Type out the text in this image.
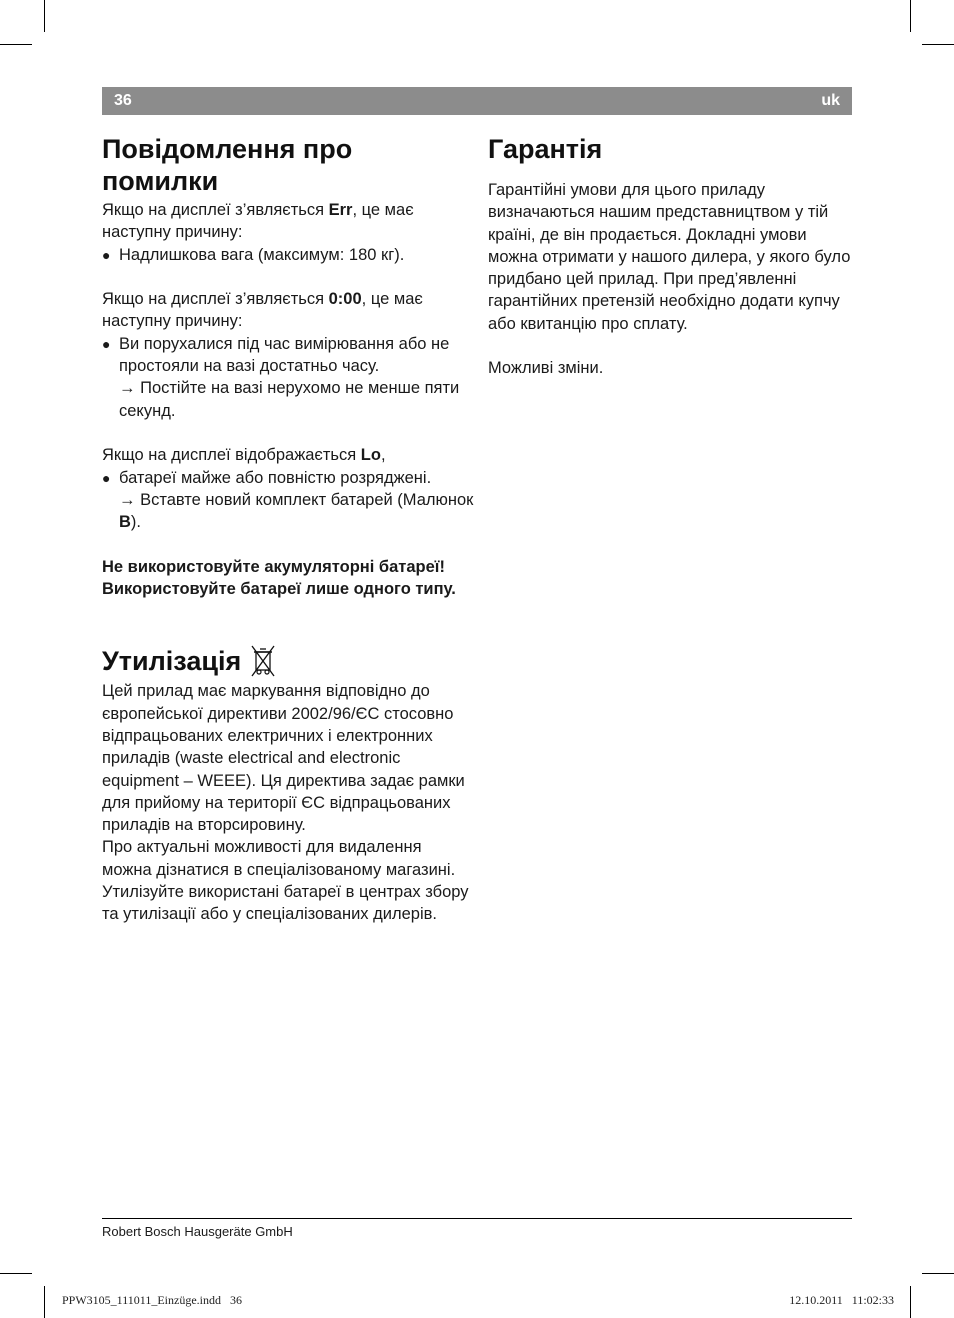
36	uk
Повідомлення про помилки

Якщо на дисплеї з’являється Err, це має наступну причину:

● Надлишкова вага (максимум: 180 кг).

Якщо на дисплеї з’являється 0:00, це має наступну причину:

● Ви поруxалися під час вимірювання або не простояли на вазі достатньо часу.

→ Постійте на вазі нерухомо не менше пяти секунд.

Якщо на дисплеї відображається Lo,

● батареї майже або повністю розряджені.

→ Вставте новий комплект батарей (Малюнок B).

Не використовуйте акумуляторні батареї! Використовуйте батареї лише одного типу.

Утилізація

Цей прилад має маркування відповідно до європейської директиви 2002/96/ЄС стосовно відпрацьованих електричних і електронних приладів (waste electrical and electronic equipment – WEEE). Ця директива задає рамки для прийому на території ЄС відпрацьованих приладів на вторсировину.

Про актуальні можливості для видалення можна дізнатися в спеціалізованому магазині.

Утилізуйте використані батареї в центрах збору та утилізації або у спеціалізованих дилерів.

Гарантія

Гарантійні умови для цього приладу визначаються нашим представництвом у тій країні, де він продається. Докладні умови можна отримати у нашого дилера, у якого було придбано цей прилад. При пред’явленні гарантійних претензій необхідно додати купчу або квитанцію про сплату.

Можливі зміни.

Robert Bosch Hausgeräte GmbH
PPW3105_111011_Einzüge.indd   36	12.10.2011   11:02:33
